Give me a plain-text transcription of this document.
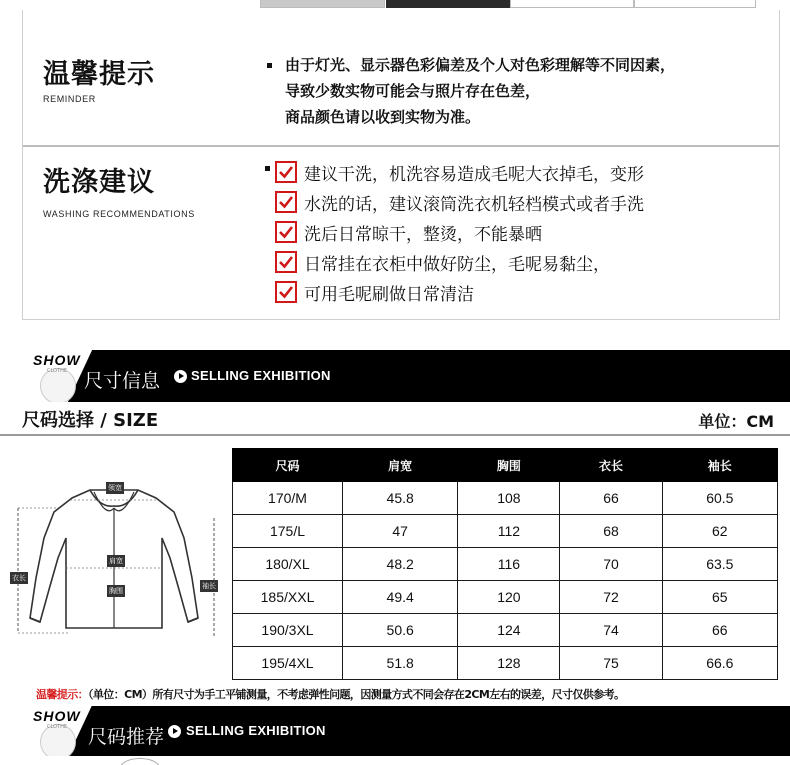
温馨提示
REMINDER
由于灯光、显示器色彩偏差及个人对色彩理解等不同因素，
导致少数实物可能会与照片存在色差，
商品颜色请以收到实物为准。
洗涤建议
WASHING RECOMMENDATIONS
建议干洗，机洗容易造成毛呢大衣掉毛，变形
水洗的话，建议滚筒洗衣机轻档模式或者手洗
洗后日常晾干，整烫，不能暴晒
日常挂在衣柜中做好防尘，毛呢易黏尘，
可用毛呢刷做日常清洁
SHOW
CLOTHE 尺寸信息 SELLING EXHIBITION
尺码选择 / SIZE	单位：CM
领宽
肩宽
胸围
袖长
衣长
尺码	肩宽	胸围	衣长	袖长
170/M	45.8	108	66	60.5
175/L	47	112	68	62
180/XL	48.2	116	70	63.5
185/XXL	49.4	120	72	65
190/3XL	50.6	124	74	66
195/4XL	51.8	128	75	66.6
温馨提示：（单位：CM）所有尺寸为手工平铺测量，不考虑弹性问题，因测量方式不同会存在2CM左右的误差，尺寸仅供参考。
SHOW
CLOTHE 尺码推荐 SELLING EXHIBITION
